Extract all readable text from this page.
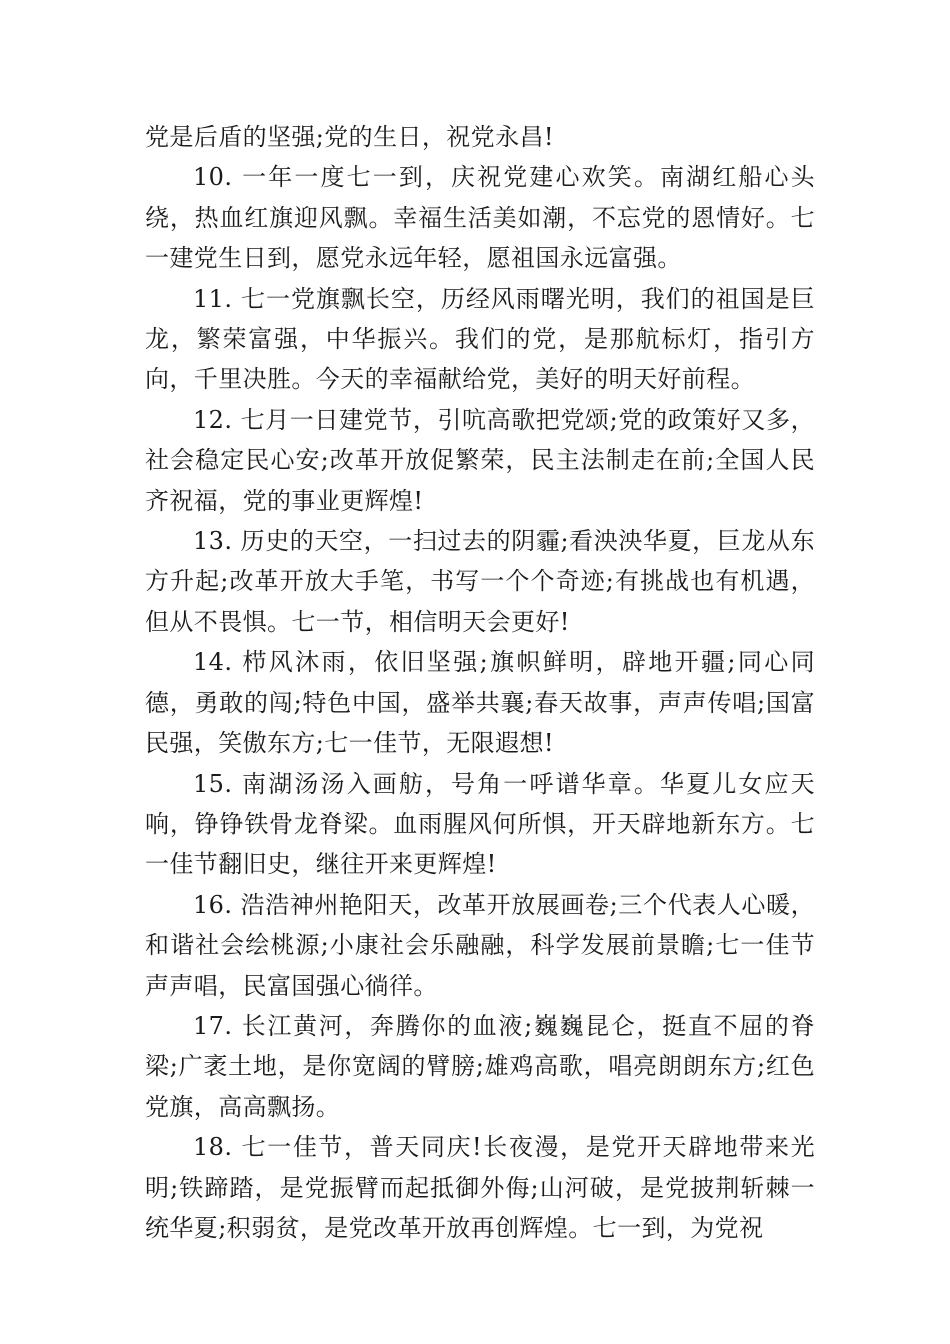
党是后盾的坚强;党的生日，祝党永昌!

10. 一年一度七一到，庆祝党建心欢笑。南湖红船心头绕，热血红旗迎风飘。幸福生活美如潮，不忘党的恩情好。七一建党生日到，愿党永远年轻，愿祖国永远富强。

11. 七一党旗飘长空，历经风雨曙光明，我们的祖国是巨龙，繁荣富强，中华振兴。我们的党，是那航标灯，指引方向，千里决胜。今天的幸福献给党，美好的明天好前程。

12. 七月一日建党节，引吭高歌把党颂;党的政策好又多，社会稳定民心安;改革开放促繁荣，民主法制走在前;全国人民齐祝福，党的事业更辉煌!

13. 历史的天空，一扫过去的阴霾;看泱泱华夏，巨龙从东方升起;改革开放大手笔，书写一个个奇迹;有挑战也有机遇，但从不畏惧。七一节，相信明天会更好!

14. 栉风沐雨，依旧坚强;旗帜鲜明，辟地开疆;同心同德，勇敢的闯;特色中国，盛举共襄;春天故事，声声传唱;国富民强，笑傲东方;七一佳节，无限遐想!

15. 南湖汤汤入画舫，号角一呼谱华章。华夏儿女应天响，铮铮铁骨龙脊梁。血雨腥风何所惧，开天辟地新东方。七一佳节翻旧史，继往开来更辉煌!

16. 浩浩神州艳阳天，改革开放展画卷;三个代表人心暖，和谐社会绘桃源;小康社会乐融融，科学发展前景瞻;七一佳节声声唱，民富国强心徜徉。

17. 长江黄河，奔腾你的血液;巍巍昆仑，挺直不屈的脊梁;广袤土地，是你宽阔的臂膀;雄鸡高歌，唱亮朗朗东方;红色党旗，高高飘扬。

18. 七一佳节，普天同庆!长夜漫，是党开天辟地带来光明;铁蹄踏，是党振臂而起抵御外侮;山河破，是党披荆斩棘一统华夏;积弱贫，是党改革开放再创辉煌。七一到，为党祝
